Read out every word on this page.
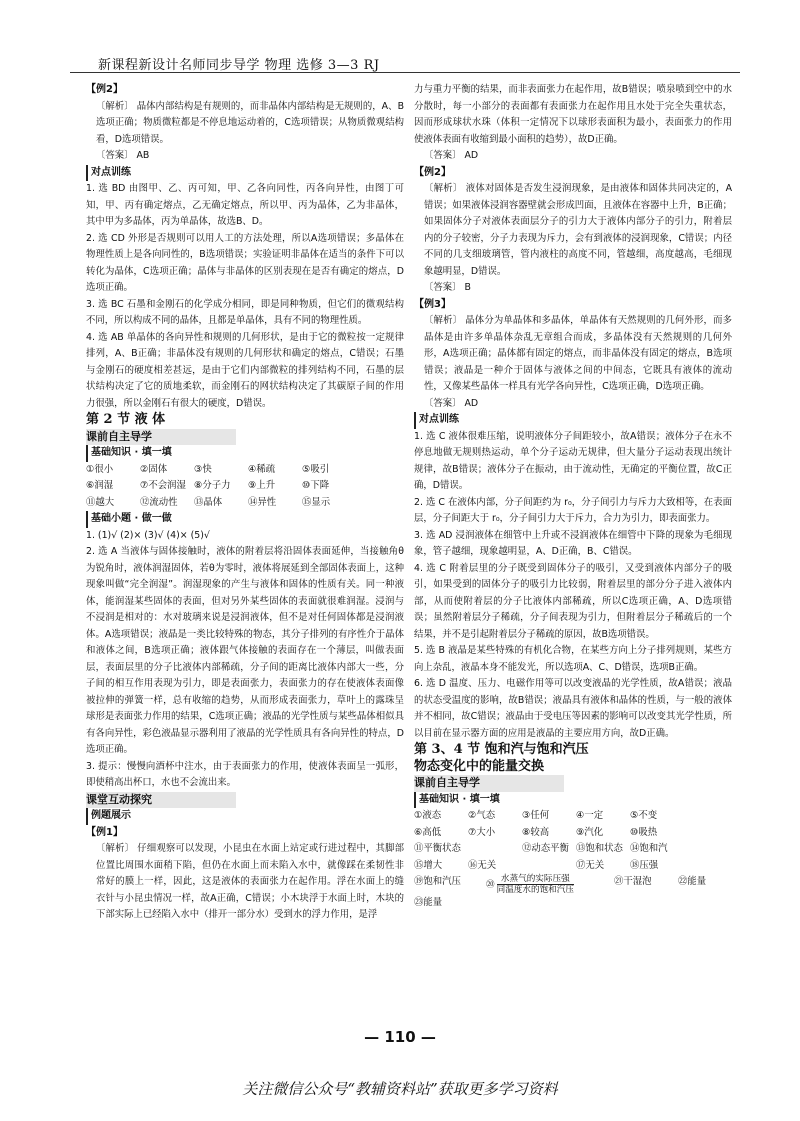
新课程新设计名师同步导学 物理 选修 3—3 RJ

【例2】

〔解析〕 晶体内部结构是有规则的，而非晶体内部结构是无规则的，A、B选项正确；物质微粒都是不停息地运动着的，C选项错误；从物质微观结构看，D选项错误。

〔答案〕 AB

对点训练

1. 选 BD 由图甲、乙、丙可知，甲、乙各向同性，丙各向异性，由图丁可知，甲、丙有确定熔点，乙无确定熔点，所以甲、丙为晶体，乙为非晶体，其中甲为多晶体，丙为单晶体，故选B、D。

2. 选 CD 外形是否规则可以用人工的方法处理，所以A选项错误；多晶体在物理性质上是各向同性的，B选项错误；实验证明非晶体在适当的条件下可以转化为晶体，C选项正确；晶体与非晶体的区别表现在是否有确定的熔点，D选项正确。

3. 选 BC 石墨和金刚石的化学成分相同，即是同种物质，但它们的微观结构不同，所以构成不同的晶体，且都是单晶体，具有不同的物理性质。

4. 选 AB 单晶体的各向异性和规则的几何形状，是由于它的微粒按一定规律排列，A、B正确；非晶体没有规则的几何形状和确定的熔点，C错误；石墨与金刚石的硬度相差甚远，是由于它们内部微粒的排列结构不同，石墨的层状结构决定了它的质地柔软，而金刚石的网状结构决定了其碳原子间的作用力很强，所以金刚石有很大的硬度，D错误。

第 2 节 液 体

课前自主导学

基础知识 · 填一填

①很小	②固体	③快	④稀疏	⑤吸引
⑥润湿	⑦不会润湿 ⑧分子力	⑨上升	⑩下降
⑪越大	⑫流动性	⑬晶体	⑭异性	⑮显示

基础小题 · 做一做

1. (1)√ (2)× (3)√ (4)× (5)√

2. 选 A 当液体与固体接触时，液体的附着层将沿固体表面延伸，当接触角θ为锐角时，液体润湿固体，若θ为零时，液体将展延到全部固体表面上，这种现象叫做“完全润湿”。润湿现象的产生与液体和固体的性质有关。同一种液体，能润湿某些固体的表面，但对另外某些固体的表面就很难润湿。浸润与不浸润是相对的：水对玻璃来说是浸润液体，但不是对任何固体都是浸润液体。A选项错误；液晶是一类比较特殊的物态，其分子排列的有序性介于晶体和液体之间，B选项正确；液体跟气体接触的表面存在一个薄层，叫做表面层，表面层里的分子比液体内部稀疏，分子间的距离比液体内部大一些，分子间的相互作用表现为引力，即是表面张力，表面张力的存在使液体表面像被拉伸的弹簧一样，总有收缩的趋势，从而形成表面张力，草叶上的露珠呈球形是表面张力作用的结果，C选项正确；液晶的光学性质与某些晶体相似具有各向异性，彩色液晶显示器利用了液晶的光学性质具有各向异性的特点，D选项正确。

3. 提示：慢慢向酒杯中注水，由于表面张力的作用，使液体表面呈一弧形，即使稍高出杯口，水也不会流出来。

课堂互动探究

例题展示

【例1】

〔解析〕 仔细观察可以发现，小昆虫在水面上站定或行进过程中，其脚部位置比周围水面稍下陷，但仍在水面上而未陷入水中，就像踩在柔韧性非常好的膜上一样，因此，这是液体的表面张力在起作用。浮在水面上的缝衣针与小昆虫情况一样，故A正确，C错误；小木块浮于水面上时，木块的下部实际上已经陷入水中（排开一部分水）受到水的浮力作用，是浮

力与重力平衡的结果，而非表面张力在起作用，故B错误；喷泉喷到空中的水分散时，每一小部分的表面都有表面张力在起作用且水处于完全失重状态，因而形成球状水珠（体积一定情况下以球形表面积为最小，表面张力的作用使液体表面有收缩到最小面积的趋势），故D正确。

〔答案〕 AD

【例2】

〔解析〕 液体对固体是否发生浸润现象，是由液体和固体共同决定的，A错误；如果液体浸润容器壁就会形成凹面，且液体在容器中上升，B正确；如果固体分子对液体表面层分子的引力大于液体内部分子的引力，附着层内的分子较密，分子力表现为斥力，会有到液体的浸润现象，C错误；内径不同的几支细玻璃管，管内液柱的高度不同，管越细，高度越高，毛细现象越明显，D错误。

〔答案〕 B

【例3】

〔解析〕 晶体分为单晶体和多晶体，单晶体有天然规则的几何外形，而多晶体是由许多单晶体杂乱无章组合而成，多晶体没有天然规则的几何外形，A选项正确；晶体都有固定的熔点，而非晶体没有固定的熔点，B选项错误；液晶是一种介于固体与液体之间的中间态，它既具有液体的流动性，又像某些晶体一样具有光学各向异性，C选项正确，D选项正确。

〔答案〕 AD

对点训练

1. 选 C 液体很难压缩，说明液体分子间距较小，故A错误；液体分子在永不停息地做无规则热运动，单个分子运动无规律，但大量分子运动表现出统计规律，故B错误；液体分子在振动，由于流动性，无确定的平衡位置，故C正确，D错误。

2. 选 C 在液体内部，分子间距约为 r₀，分子间引力与斥力大致相等，在表面层，分子间距大于 r₀，分子间引力大于斥力，合力为引力，即表面张力。

3. 选 AD 浸润液体在细管中上升或不浸润液体在细管中下降的现象为毛细现象，管子越细，现象越明显，A、D正确，B、C错误。

4. 选 C 附着层里的分子既受到固体分子的吸引，又受到液体内部分子的吸引，如果受到的固体分子的吸引力比较弱，附着层里的部分分子进入液体内部，从而使附着层的分子比液体内部稀疏，所以C选项正确，A、D选项错误；虽然附着层分子稀疏，分子间表现为引力，但附着层分子稀疏后的一个结果，并不是引起附着层分子稀疏的原因，故B选项错误。

5. 选 B 液晶是某些特殊的有机化合物，在某些方向上分子排列规则，某些方向上杂乱，液晶本身不能发光，所以选项A、C、D错误，选项B正确。

6. 选 D 温度、压力、电磁作用等可以改变液晶的光学性质，故A错误；液晶的状态受温度的影响，故B错误；液晶具有液体和晶体的性质，与一般的液体并不相同，故C错误；液晶由于受电压等因素的影响可以改变其光学性质，所以目前在显示器方面的应用是液晶的主要应用方向，故D正确。

第 3、4 节 饱和汽与饱和汽压

物态变化中的能量交换

课前自主导学

基础知识 · 填一填

①液态	②气态	③任何	④一定	⑤不变
⑥高低	⑦大小	⑧较高	⑨汽化	⑩吸热
⑪平衡状态	⑫动态平衡 ⑬饱和状态 ⑭饱和汽
⑮增大	⑯无关	⑰无关	⑱压强
⑲饱和汽压	⑳
水蒸气的实际压强
同温度水的饱和汽压
㉑干湿泡	㉒能量
㉓能量
— 110 —
关注微信公众号“教辅资料站”获取更多学习资料
